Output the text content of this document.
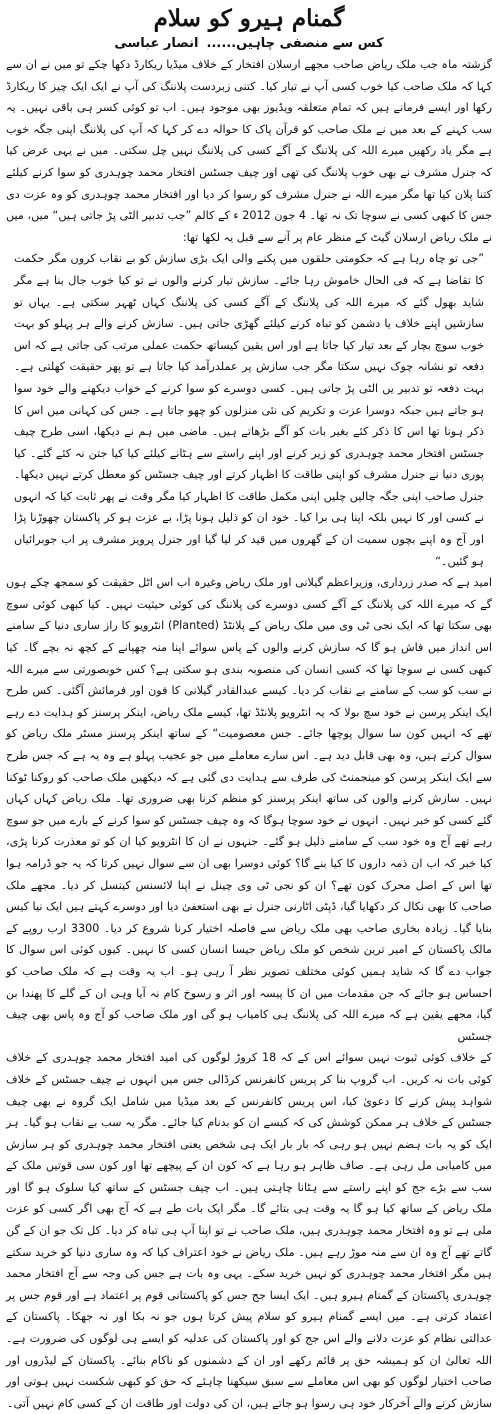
گمنام ہیرو کو سلام
کس سے منصفی چاہیں...... انصار عباسی

گزشتہ ماہ جب ملک ریاض صاحب مجھے ارسلان افتخار کے خلاف میڈیا ریکارڈ دکھا چکے تو میں نے ان سے کہا کہ ملک صاحب کیا خوب کسی آپ نے تیار کیا۔ کتنی زبردست پلاننگ کی آپ نے ایک ایک چیز کا ریکارڈ رکھا اور ایسے فرمانے ہیں کہ تمام متعلقہ ویڈیوز بھی موجود ہیں۔ اب تو کوئی کسر ہی باقی نہیں۔ یہ سب کہنے کے بعد میں نے ملک صاحب کو قرآن پاک کا حوالہ دے کر کہا کہ آپ کی پلاننگ اپنی جگہ خوب ہے مگر یاد رکھیں میرے اللہ کی پلاننگ کے آگے کسی کی پلاننگ نہیں چل سکتی۔ میں نے یہی عرض کیا کہ جنرل مشرف نے بھی خوب پلاننگ کی تھی اور چیف جسٹس افتخار محمد چوہدری کو سوا کرنے کیلئے کتنا پلان کیا تھا مگر میرے اللہ نے جنرل مشرف کو رسوا کر دیا اور افتخار محمد چوہدری کو وہ عزت دی جس کا کبھی کسی نے سوچا تک نہ تھا۔ 4 جون 2012 ء کے کالم ”جب تدبیر الٹی پڑ جاتی ہیں“ میں، میں نے ملک ریاض ارسلان گیٹ کے منظر عام پر آنے سے قبل یہ لکھا تھا:

”جی تو چاہ رہا ہے کہ حکومتی حلقوں میں پکنے والی ایک بڑی سازش کو بے نقاب کروں مگر حکمت کا تقاضا ہے کہ فی الحال خاموش رہا جائے۔ سازش تیار کرنے والوں نے تو کیا خوب جال بنا ہے مگر شاید بھول گئے کہ میرے اللہ کی پلاننگ کے آگے کسی کی پلاننگ کہاں ٹھہر سکتی ہے۔ یہاں تو سازشیں اپنے خلاف یا دشمن کو تباہ کرنے کیلئے گھڑی جاتی ہیں۔ سازش کرنے والے ہر پہلو کو بہت خوب سوچ بچار کے بعد تیار کیا جاتا ہے اور اس یقین کیساتھ حکمت عملی مرتب کی جاتی ہے کہ اس دفعہ تو نشانہ چوک نہیں سکتا مگر جب سازش پر عملدرآمد کیا جاتا ہے تو پھر حقیقت کھلتی ہے۔ بہت دفعہ تو تدبیر یں الٹی پڑ جاتی ہیں۔ کسی دوسرے کو سوا کرنے کے خواب دیکھنے والے خود سوا ہو جاتے ہیں جبکہ دوسرا عزت و تکریم کی نئی منزلوں کو چھو جاتا ہے۔ جس کی کہانی میں اس کا ذکر ہونا تھا اس کا ذکر کئے بغیر بات کو آگے بڑھاتے ہیں۔ ماضی میں ہم نے دیکھا، اسی طرح چیف جسٹس افتخار محمد چوہدری کو زیر کرنے اور اپنے راستے سے ہٹانے کیلئے کیا کیا جتن نہ کئے گئے۔ کیا پوری دنیا نے جنرل مشرف کو اپنی طاقت کا اظہار کرتے اور چیف جسٹس کو معطل کرتے نہیں دیکھا۔ جنرل صاحب اپنی جگہ چالیں چلیں اپنی مکمل طاقت کا اظہار کیا مگر وقت نے پھر ثابت کیا کہ انہوں نے کسی اور کا نہیں بلکہ اپنا ہی برا کیا۔ خود ان کو ذلیل ہونا پڑا، بے عزت ہو کر پاکستان چھوڑنا پڑا اور آج وہ اپنے بچوں سمیت ان کے گھروں میں قید کر لیا گیا اور جنرل پرویز مشرف پر اب جوبرائیاں ہو گئیں۔“

امید ہے کہ صدر زرداری، وزیراعظم گیلانی اور ملک ریاض وغیرہ اب اس اٹل حقیقت کو سمجھ چکے ہوں گے کہ میرے اللہ کی پلاننگ کے آگے کسی دوسرے کی پلاننگ کی کوئی حیثیت نہیں۔ کیا کبھی کوئی سوچ بھی سکتا تھا کہ ایک نجی ٹی وی میں ملک ریاض کے پلانٹڈ (Planted) انٹرویو کا راز ساری دنیا کے سامنے اس انداز میں فاش ہو گا کہ سازش کرنے والوں کے پاس سوائے اپنا منہ چھپانے کے کچھ نہ بچے گا۔ کیا کبھی کسی نے سوچا تھا کہ کسی انسان کی منصوبہ بندی ہو سکتی ہے؟ کس خوبصورتی سے میرے اللہ نے سب کو سب کے سامنے بے نقاب کر دیا۔ کیسے عبدالقادر گیلانی کا فون اور فرمائش آگئی۔ کس طرح ایک اینکر پرسن نے خود سچ بولا کہ یہ انٹرویو پلانٹڈ تھا، کیسے ملک ریاض، اینکر پرسنز کو ہدایت دے رہے تھے کہ انہیں کون سا سوال پوچھا جائے۔ جس معصومیت“ کے ساتھ اینکر پرسنز مسٹر ملک ریاض کو سوال کرتے ہیں، وہ بھی قابل دید ہے۔ اس سارے معاملے میں جو عجیب پہلو ہے وہ یہ ہے کہ جس طرح سے ایک اینکر پرسن کو مینجمنٹ کی طرف سے ہدایت دی گئی ہے کہ دیکھیں ملک صاحب کو روکنا ٹوکنا نہیں۔ سازش کرنے والوں کی ساتھ اینکر پرسنز کو منظم کرنا بھی ضروری تھا۔ ملک ریاض کہاں کہاں گئے کسی کو خبر نہیں۔ انہوں نے خود سوچا ہوگا کہ وہ چیف جسٹس کو سوا کرنے کے بارے میں جو سوچ رہے تھے آج وہ خود سب کے سامنے ذلیل ہو گئے۔ جنہوں نے ان کا انٹرویو کیا ان کو تو معذرت کرنا پڑی، کیا خبر کہ اب ان ذمہ داروں کا کیا بنے گا؟ کوئی دوسرا بھی ان سے سوال نہیں کرتا کہ یہ جو ڈرامہ ہوا تھا اس کے اصل محرک کون تھے؟ ان کو نجی ٹی وی چینل نے اپنا لائسنس کینسل کر دیا۔ مجھے ملک صاحب کا بھی نکال کر دکھایا گیا، ڈپٹی اٹارنی جنرل نے بھی استعفیٰ دیا اور دوسرے کہتے ہیں ایک نیا کیس بنایا گیا۔ زیادہ بخاری صاحب بھی ملک ریاض سے فاصلہ اختیار کرنا شروع کر دیا۔ 3300 ارب روپے کے مالک پاکستان کے امیر ترین شخص کو ملک ریاض جیسا انسان کسی کا نہیں۔ کیوں کوئی اس سوال کا جواب دے گا کہ شاید ہمیں کوئی مختلف تصویر نظر آ رہی ہو۔ اب یہ وقت ہے کہ ملک صاحب کو احساس ہو جائے کہ جن مقدمات میں ان کا پیسہ اور اثر و رسوخ کام نہ آیا وہی ان کے گلے کا پھندا بن گیا، مجھے یقین ہے کہ میرے اللہ کی پلاننگ ہی کامیاب ہو گی اور ملک صاحب کو آج وہ پاس بھی چیف جسٹس

کے خلاف کوئی ثبوت نہیں سوائے اس کے کہ 18 کروڑ لوگوں کی امید افتخار محمد چوہدری کے خلاف کوئی بات نہ کریں۔ اب گروپ بنا کر پریس کانفرنس کرڈالی جس میں انہوں نے چیف جسٹس کے خلاف شواہد پیش کرنے کا دعویٰ کیا، اس پریس کانفرنس کے بعد میڈیا میں شامل ایک گروہ نے بھی چیف جسٹس کے خلاف ہر ممکن کوشش کی کہ کیسے ان کو بدنام کیا جائے۔ مگر یہ سب بے نقاب ہو گیا۔ ہر ایک کو یہ بات ہضم نہیں ہو رہی کہ بار بار ایک ہی شخص یعنی افتخار محمد چوہدری کو ہر سازش میں کامیابی مل رہی ہے۔ صاف ظاہر ہو رہا ہے کہ کون ان کے پیچھے تھا اور کون سی قوتیں ملک کے سب سے بڑے جج کو اپنے راستے سے ہٹانا چاہتی ہیں۔ اب چیف جسٹس کے ساتھ کیا سلوک ہو گا اور ملک ریاض کے ساتھ کیا ہو گا یہ وقت ہی بتائے گا۔ مگر ایک بات طے ہے کہ آج بھی اگر کسی کو عزت ملی ہے تو وہ افتخار محمد چوہدری ہیں، ملک صاحب نے تو اپنا آپ ہی تباہ کر دیا۔ کل تک جو ان کے گن گاتے تھے آج وہ ان سے منہ موڑ رہے ہیں۔ ملک ریاض نے خود اعتراف کیا کہ وہ ساری دنیا کو خرید سکتے ہیں مگر افتخار محمد چوہدری کو نہیں خرید سکے۔ یہی وہ بات ہے جس کی وجہ سے آج افتخار محمد چوہدری پاکستان کے گمنام ہیرو ہیں۔ ایک ایسا جج جس کو پاکستانی قوم پر اعتماد ہے اور قوم جس پر اعتماد کرتی ہے۔ میں ایسے گمنام ہیرو کو سلام پیش کرتا ہوں جو نہ بکا اور نہ جھکا۔ پاکستان کے عدالتی نظام کو عزت دلانے والے اس جج کو اور پاکستان کی عدلیہ کو ایسے ہی لوگوں کی ضرورت ہے۔ اللہ تعالیٰ ان کو ہمیشہ حق پر قائم رکھے اور ان کے دشمنوں کو ناکام بنائے۔ پاکستان کے لیڈروں اور صاحب اختیار لوگوں کو بھی اس معاملے سے سبق سیکھنا چاہئے کہ حق کو کبھی شکست نہیں ہوتی اور سازش کرنے والے آخرکار خود ہی رسوا ہو جاتے ہیں، ان کی دولت اور طاقت ان کے کسی کام نہیں آتی۔
